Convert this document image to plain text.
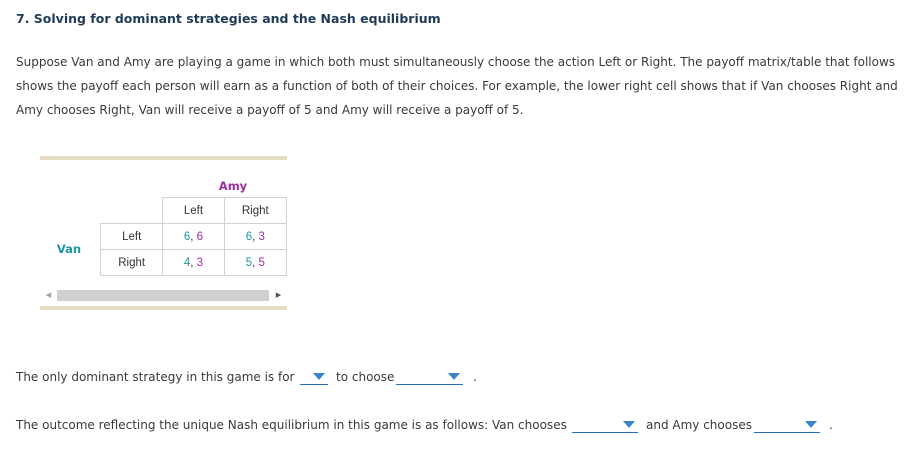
7. Solving for dominant strategies and the Nash equilibrium
Suppose Van and Amy are playing a game in which both must simultaneously choose the action Left or Right. The payoff matrix/table that follows shows the payoff each person will earn as a function of both of their choices. For example, the lower right cell shows that if Van chooses Right and Amy chooses Right, Van will receive a payoff of 5 and Amy will receive a payoff of 5.
Amy
Van
	Left	Right
Left	6, 6	6, 3
Right	4, 3	5, 5
◀	▶
The only dominant strategy in this game is for	to choose	.
The outcome reflecting the unique Nash equilibrium in this game is as follows: Van chooses	and Amy chooses	.
